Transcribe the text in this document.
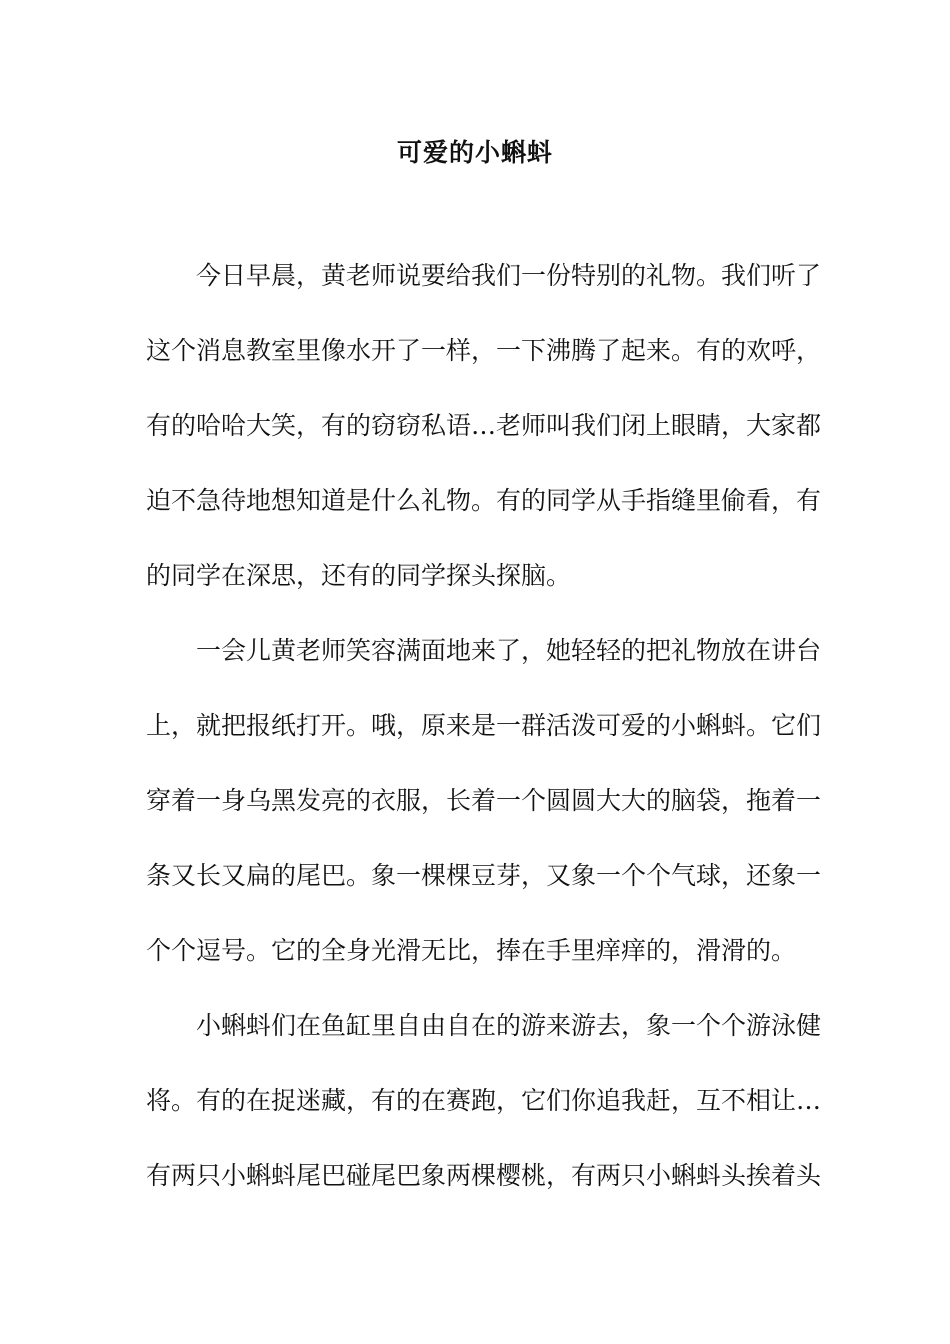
可爱的小蝌蚪

今日早晨，黄老师说要给我们一份特别的礼物。我们听了

这个消息教室里像水开了一样，一下沸腾了起来。有的欢呼，

有的哈哈大笑，有的窃窃私语…老师叫我们闭上眼睛，大家都

迫不急待地想知道是什么礼物。有的同学从手指缝里偷看，有

的同学在深思，还有的同学探头探脑。

一会儿黄老师笑容满面地来了，她轻轻的把礼物放在讲台

上，就把报纸打开。哦，原来是一群活泼可爱的小蝌蚪。它们

穿着一身乌黑发亮的衣服，长着一个圆圆大大的脑袋，拖着一

条又长又扁的尾巴。象一棵棵豆芽，又象一个个气球，还象一

个个逗号。它的全身光滑无比，捧在手里痒痒的，滑滑的。

小蝌蚪们在鱼缸里自由自在的游来游去，象一个个游泳健

将。有的在捉迷藏，有的在赛跑，它们你追我赶，互不相让…

有两只小蝌蚪尾巴碰尾巴象两棵樱桃，有两只小蝌蚪头挨着头
